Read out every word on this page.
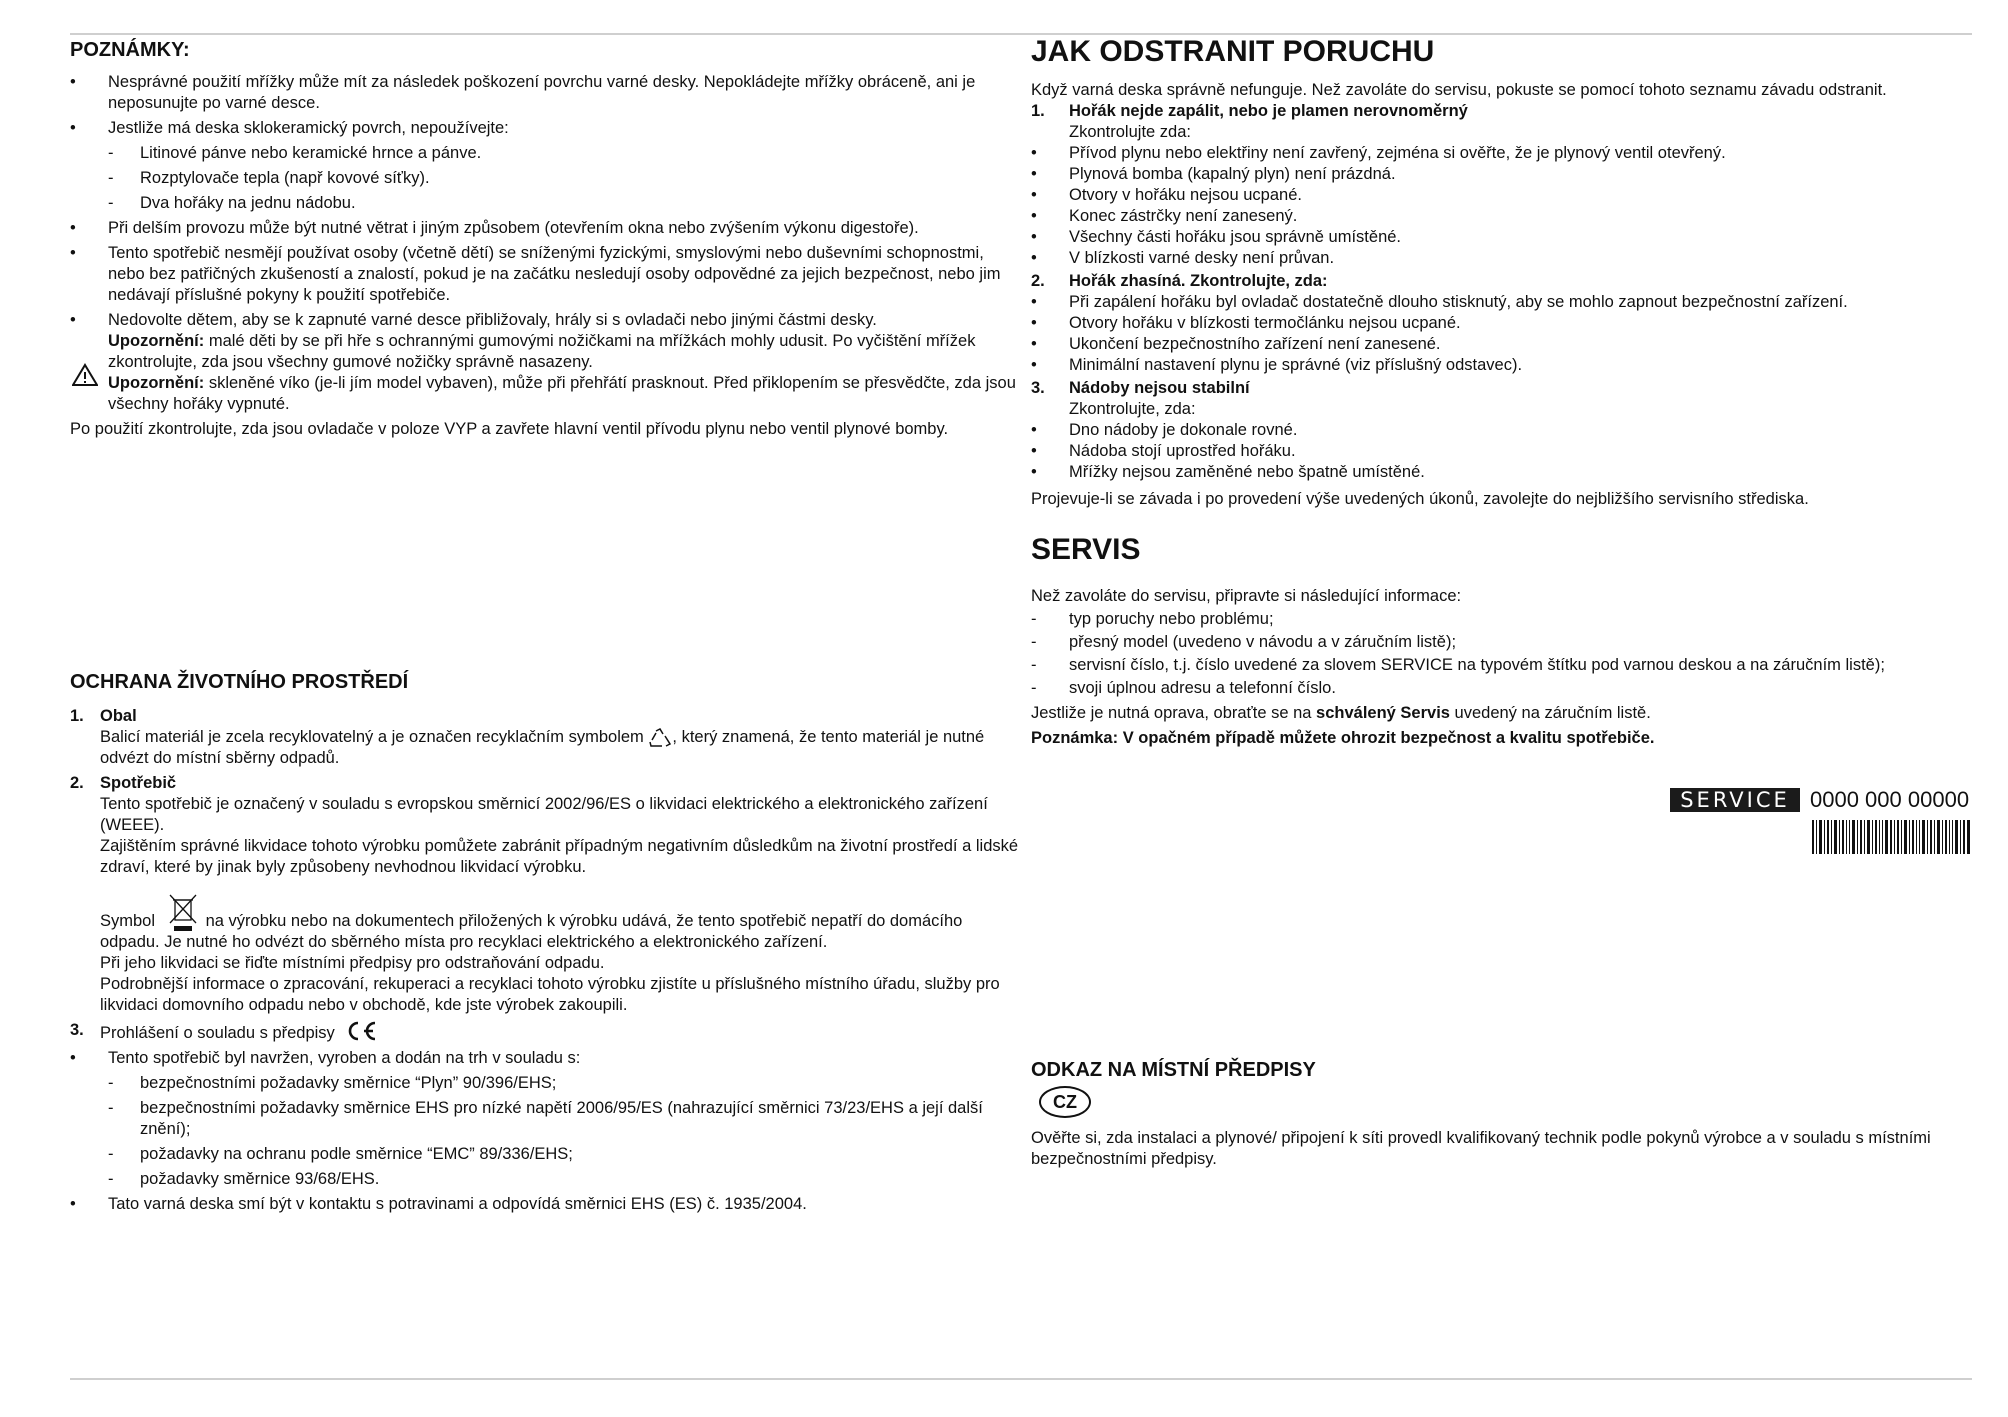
POZNÁMKY:
• Nesprávné použití mřížky může mít za následek poškození povrchu varné desky. Nepokládejte mřížky obráceně, ani je neposunujte po varné desce.

• Jestliže má deska sklokeramický povrch, nepoužívejte:

- Litinové pánve nebo keramické hrnce a pánve.

- Rozptylovače tepla (např kovové síťky).

- Dva hořáky na jednu nádobu.

• Při delším provozu může být nutné větrat i jiným způsobem (otevřením okna nebo zvýšením výkonu digestoře).

• Tento spotřebič nesmějí používat osoby (včetně dětí) se sníženými fyzickými, smyslovými nebo duševními schopnostmi, nebo bez patřičných zkušeností a znalostí, pokud je na začátku nesledují osoby odpovědné za jejich bezpečnost, nebo jim nedávají příslušné pokyny k použití spotřebiče.

• Nedovolte dětem, aby se k zapnuté varné desce přibližovaly, hrály si s ovladači nebo jinými částmi desky.

Upozornění: malé děti by se při hře s ochrannými gumovými nožičkami na mřížkách mohly udusit. Po vyčištění mřížek zkontrolujte, zda jsou všechny gumové nožičky správně nasazeny.

Upozornění: skleněné víko (je-li jím model vybaven), může při přehřátí prasknout. Před přiklopením se přesvědčte, zda jsou všechny hořáky vypnuté.

Po použití zkontrolujte, zda jsou ovladače v poloze VYP a zavřete hlavní ventil přívodu plynu nebo ventil plynové bomby.

OCHRANA ŽIVOTNÍHO PROSTŘEDÍ
1. Obal

Balicí materiál je zcela recyklovatelný a je označen recyklačním symbolem , který znamená, že tento materiál je nutné odvézt do místní sběrny odpadů.

2. Spotřebič

Tento spotřebič je označený v souladu s evropskou směrnicí 2002/96/ES o likvidaci elektrického a elektronického zařízení (WEEE).

Zajištěním správné likvidace tohoto výrobku pomůžete zabránit případným negativním důsledkům na životní prostředí a lidské zdraví, které by jinak byly způsobeny nevhodnou likvidací výrobku.

Symbol	na výrobku nebo na dokumentech přiložených k výrobku udává, že tento spotřebič nepatří do domácího odpadu. Je nutné ho odvézt do sběrného místa pro recyklaci elektrického a elektronického zařízení.

Při jeho likvidaci se řiďte místními předpisy pro odstraňování odpadu.

Podrobnější informace o zpracování, rekuperaci a recyklaci tohoto výrobku zjistíte u příslušného místního úřadu, služby pro likvidaci domovního odpadu nebo v obchodě, kde jste výrobek zakoupili.

3. Prohlášení o souladu s předpisy

• Tento spotřebič byl navržen, vyroben a dodán na trh v souladu s:

- bezpečnostními požadavky směrnice “Plyn” 90/396/EHS;

- bezpečnostními požadavky směrnice EHS pro nízké napětí 2006/95/ES (nahrazující směrnici 73/23/EHS a její další znění);

- požadavky na ochranu podle směrnice “EMC” 89/336/EHS;

- požadavky směrnice 93/68/EHS.

• Tato varná deska smí být v kontaktu s potravinami a odpovídá směrnici EHS (ES) č. 1935/2004.

JAK ODSTRANIT PORUCHU

Když varná deska správně nefunguje. Než zavoláte do servisu, pokuste se pomocí tohoto seznamu závadu odstranit.

1. Hořák nejde zapálit, nebo je plamen nerovnoměrný

Zkontrolujte zda:

• Přívod plynu nebo elektřiny není zavřený, zejména si ověřte, že je plynový ventil otevřený.

• Plynová bomba (kapalný plyn) není prázdná.

• Otvory v hořáku nejsou ucpané.

• Konec zástrčky není zanesený.

• Všechny části hořáku jsou správně umístěné.

• V blízkosti varné desky není průvan.

2. Hořák zhasíná. Zkontrolujte, zda:

• Při zapálení hořáku byl ovladač dostatečně dlouho stisknutý, aby se mohlo zapnout bezpečnostní zařízení.

• Otvory hořáku v blízkosti termočlánku nejsou ucpané.

• Ukončení bezpečnostního zařízení není zanesené.

• Minimální nastavení plynu je správné (viz příslušný odstavec).

3. Nádoby nejsou stabilní

Zkontrolujte, zda:

• Dno nádoby je dokonale rovné.

• Nádoba stojí uprostřed hořáku.

• Mřížky nejsou zaměněné nebo špatně umístěné.

Projevuje-li se závada i po provedení výše uvedených úkonů, zavolejte do nejbližšího servisního střediska.

SERVIS

Než zavoláte do servisu, připravte si následující informace:

- typ poruchy nebo problému;

- přesný model (uvedeno v návodu a v záručním listě);

- servisní číslo, t.j. číslo uvedené za slovem SERVICE na typovém štítku pod varnou deskou a na záručním listě);

- svoji úplnou adresu a telefonní číslo.

Jestliže je nutná oprava, obraťte se na schválený Servis uvedený na záručním listě.

Poznámka: V opačném případě můžete ohrozit bezpečnost a kvalitu spotřebiče.

SERVICE 0000 000 00000
ODKAZ NA MÍSTNÍ PŘEDPISY
CZ

Ověřte si, zda instalaci a plynové/ připojení k síti provedl kvalifikovaný technik podle pokynů výrobce a v souladu s místními bezpečnostními předpisy.
